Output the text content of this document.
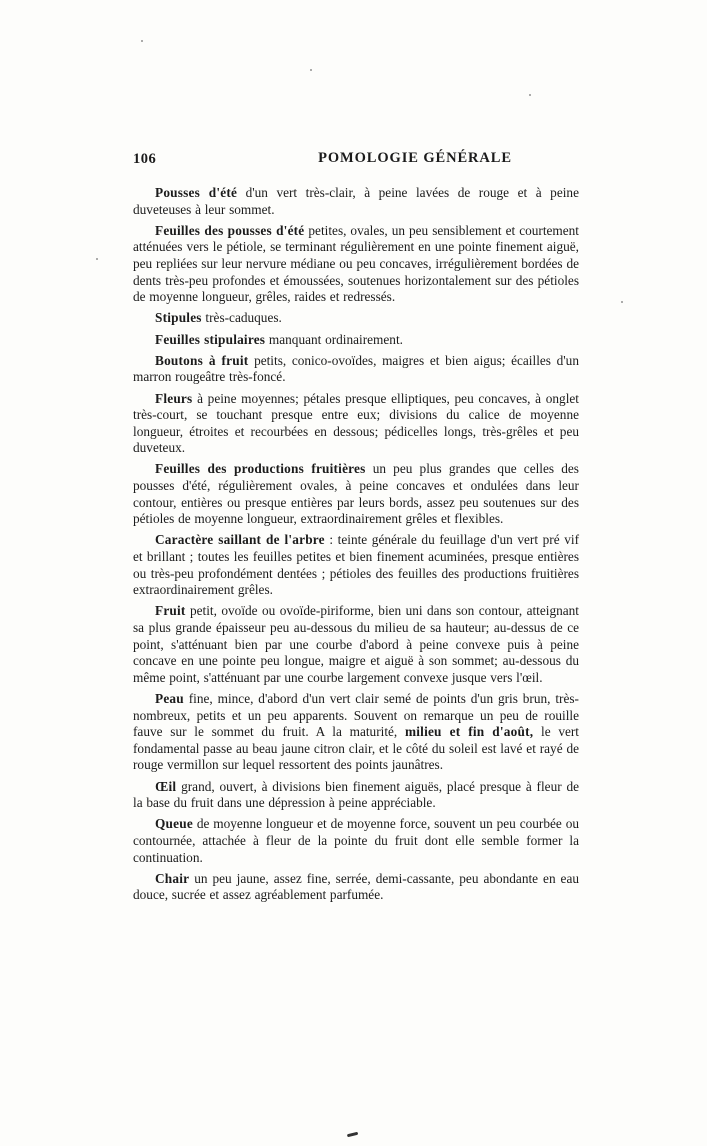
106	POMOLOGIE GÉNÉRALE

Pousses d'été d'un vert très-clair, à peine lavées de rouge et à peine duveteuses à leur sommet.

Feuilles des pousses d'été petites, ovales, un peu sensiblement et courtement atténuées vers le pétiole, se terminant régulièrement en une pointe finement aiguë, peu repliées sur leur nervure médiane ou peu concaves, irrégulièrement bordées de dents très-peu profondes et émoussées, soutenues horizontalement sur des pétioles de moyenne longueur, grêles, raides et redressés.

Stipules très-caduques.

Feuilles stipulaires manquant ordinairement.

Boutons à fruit petits, conico-ovoïdes, maigres et bien aigus; écailles d'un marron rougeâtre très-foncé.

Fleurs à peine moyennes; pétales presque elliptiques, peu concaves, à onglet très-court, se touchant presque entre eux; divisions du calice de moyenne longueur, étroites et recourbées en dessous; pédicelles longs, très-grêles et peu duveteux.

Feuilles des productions fruitières un peu plus grandes que celles des pousses d'été, régulièrement ovales, à peine concaves et ondulées dans leur contour, entières ou presque entières par leurs bords, assez peu soutenues sur des pétioles de moyenne longueur, extraordinairement grêles et flexibles.

Caractère saillant de l'arbre : teinte générale du feuillage d'un vert pré vif et brillant ; toutes les feuilles petites et bien finement acuminées, presque entières ou très-peu profondément dentées ; pétioles des feuilles des productions fruitières extraordinairement grêles.

Fruit petit, ovoïde ou ovoïde-piriforme, bien uni dans son contour, atteignant sa plus grande épaisseur peu au-dessous du milieu de sa hauteur; au-dessus de ce point, s'atténuant bien par une courbe d'abord à peine convexe puis à peine concave en une pointe peu longue, maigre et aiguë à son sommet; au-dessous du même point, s'atténuant par une courbe largement convexe jusque vers l'œil.

Peau fine, mince, d'abord d'un vert clair semé de points d'un gris brun, très-nombreux, petits et un peu apparents. Souvent on remarque un peu de rouille fauve sur le sommet du fruit. A la maturité, milieu et fin d'août, le vert fondamental passe au beau jaune citron clair, et le côté du soleil est lavé et rayé de rouge vermillon sur lequel ressortent des points jaunâtres.

Œil grand, ouvert, à divisions bien finement aiguës, placé presque à fleur de la base du fruit dans une dépression à peine appréciable.

Queue de moyenne longueur et de moyenne force, souvent un peu courbée ou contournée, attachée à fleur de la pointe du fruit dont elle semble former la continuation.

Chair un peu jaune, assez fine, serrée, demi-cassante, peu abondante en eau douce, sucrée et assez agréablement parfumée.
